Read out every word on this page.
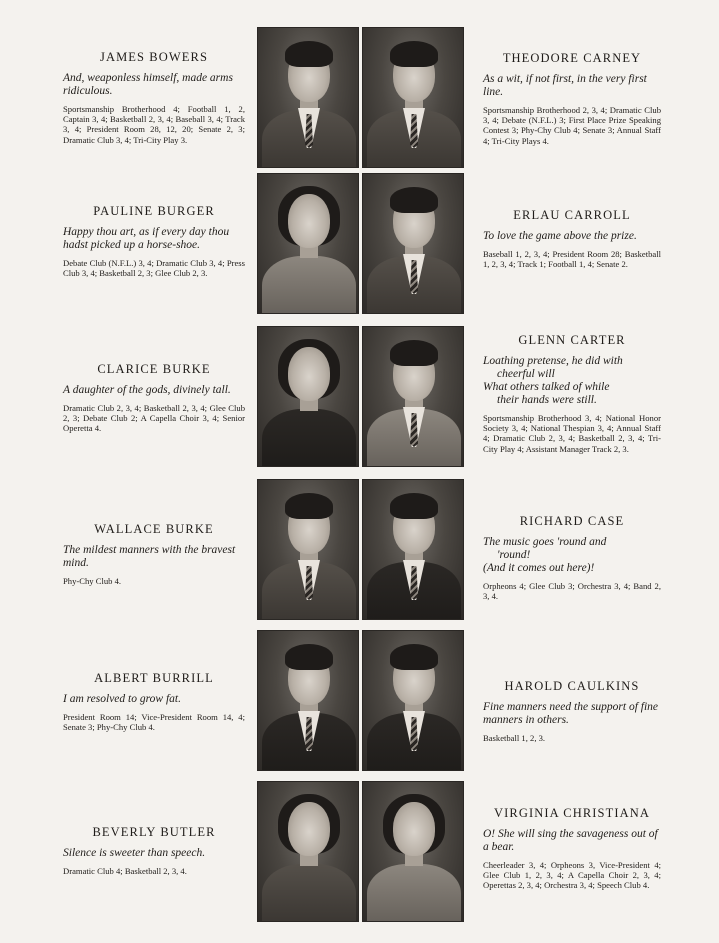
JAMES BOWERS

And, weaponless himself, made arms ridiculous.

Sportsmanship Brotherhood 4; Football 1, 2, Captain 3, 4; Basketball 2, 3, 4; Baseball 3, 4; Track 3, 4; President Room 28, 12, 20; Senate 2, 3; Dramatic Club 3, 4; Tri-City Play 3.

PAULINE BURGER

Happy thou art, as if every day thou hadst picked up a horse-shoe.

Debate Club (N.F.L.) 3, 4; Dramatic Club 3, 4; Press Club 3, 4; Basketball 2, 3; Glee Club 2, 3.

CLARICE BURKE

A daughter of the gods, divinely tall.

Dramatic Club 2, 3, 4; Basketball 2, 3, 4; Glee Club 2, 3; Debate Club 2; A Capella Choir 3, 4; Senior Operetta 4.

WALLACE BURKE

The mildest manners with the bravest mind.

Phy-Chy Club 4.

ALBERT BURRILL

I am resolved to grow fat.

President Room 14; Vice-President Room 14, 4; Senate 3; Phy-Chy Club 4.

BEVERLY BUTLER

Silence is sweeter than speech.

Dramatic Club 4; Basketball 2, 3, 4.

THEODORE CARNEY

As a wit, if not first, in the very first line.

Sportsmanship Brotherhood 2, 3, 4; Dramatic Club 3, 4; Debate (N.F.L.) 3; First Place Prize Speaking Contest 3; Phy-Chy Club 4; Senate 3; Annual Staff 4; Tri-City Plays 4.

ERLAU CARROLL

To love the game above the prize.

Baseball 1, 2, 3, 4; President Room 28; Basketball 1, 2, 3, 4; Track 1; Football 1, 4; Senate 2.

GLENN CARTER

Loathing pretense, he did with
cheerful will
What others talked of while
their hands were still.

Sportsmanship Brotherhood 3, 4; National Honor Society 3, 4; National Thespian 3, 4; Annual Staff 4; Dramatic Club 2, 3, 4; Basketball 2, 3, 4; Tri-City Play 4; Assistant Manager Track 2, 3.

RICHARD CASE

The music goes 'round and
'round!
(And it comes out here)!

Orpheons 4; Glee Club 3; Orchestra 3, 4; Band 2, 3, 4.

HAROLD CAULKINS

Fine manners need the support of fine manners in others.

Basketball 1, 2, 3.

VIRGINIA CHRISTIANA

O! She will sing the savageness out of a bear.

Cheerleader 3, 4; Orpheons 3, Vice-President 4; Glee Club 1, 2, 3, 4; A Capella Choir 2, 3, 4; Operettas 2, 3, 4; Orchestra 3, 4; Speech Club 4.
